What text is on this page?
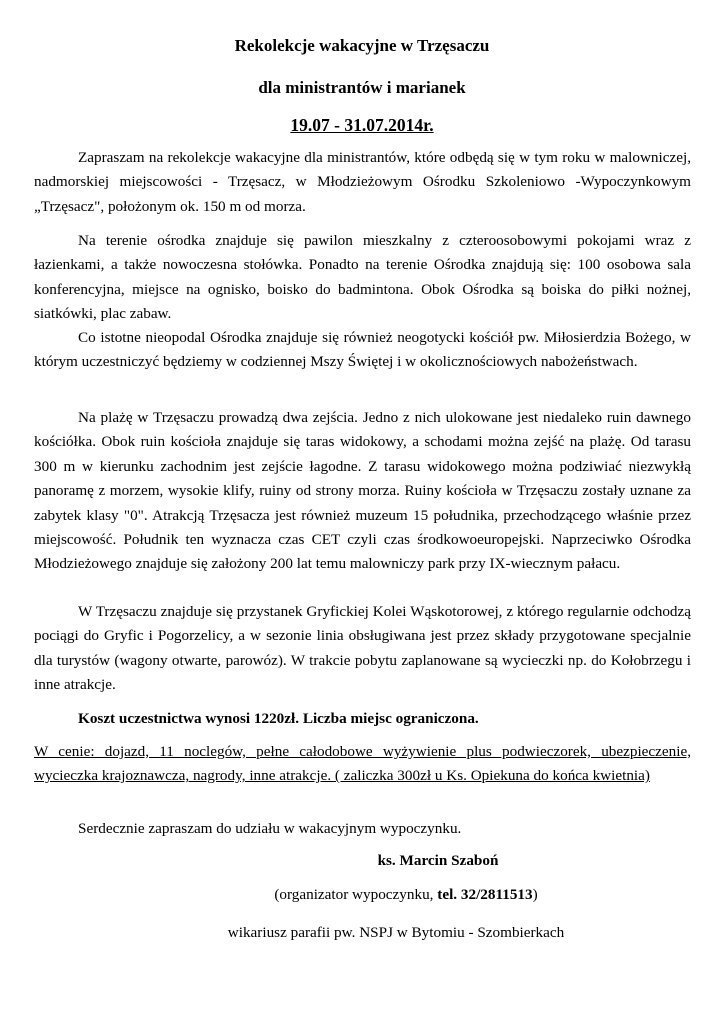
Rekolekcje wakacyjne w Trzęsaczu
dla ministrantów i marianek
19.07 - 31.07.2014r.

Zapraszam na rekolekcje wakacyjne dla ministrantów, które odbędą się w tym roku w malowniczej, nadmorskiej miejscowości - Trzęsacz, w Młodzieżowym Ośrodku Szkoleniowo -Wypoczynkowym „Trzęsacz", położonym ok. 150 m od morza.

Na terenie ośrodka znajduje się pawilon mieszkalny z czteroosobowymi pokojami wraz z łazienkami, a także nowoczesna stołówka. Ponadto na terenie Ośrodka znajdują się: 100 osobowa sala konferencyjna, miejsce na ognisko, boisko do badmintona. Obok Ośrodka są boiska do piłki nożnej, siatkówki, plac zabaw.

Co istotne nieopodal Ośrodka znajduje się również neogotycki kościół pw. Miłosierdzia Bożego, w którym uczestniczyć będziemy w codziennej Mszy Świętej i w okolicznościowych nabożeństwach.

Na plażę w Trzęsaczu prowadzą dwa zejścia. Jedno z nich ulokowane jest niedaleko ruin dawnego kościółka. Obok ruin kościoła znajduje się taras widokowy, a schodami można zejść na plażę. Od tarasu 300 m w kierunku zachodnim jest zejście łagodne. Z tarasu widokowego można podziwiać niezwykłą panoramę z morzem, wysokie klify, ruiny od strony morza. Ruiny kościoła w Trzęsaczu zostały uznane za zabytek klasy "0". Atrakcją Trzęsacza jest również muzeum 15 południka, przechodzącego właśnie przez miejscowość. Południk ten wyznacza czas CET czyli czas środkowoeuropejski. Naprzeciwko Ośrodka Młodzieżowego znajduje się założony 200 lat temu malowniczy park przy IX-wiecznym pałacu.

W Trzęsaczu znajduje się przystanek Gryfickiej Kolei Wąskotorowej, z którego regularnie odchodzą pociągi do Gryfic i Pogorzelicy, a w sezonie linia obsługiwana jest przez składy przygotowane specjalnie dla turystów (wagony otwarte, parowóz). W trakcie pobytu zaplanowane są wycieczki np. do Kołobrzegu i inne atrakcje.

Koszt uczestnictwa wynosi 1220zł. Liczba miejsc ograniczona.

W cenie: dojazd, 11 noclegów, pełne całodobowe wyżywienie plus podwieczorek, ubezpieczenie, wycieczka krajoznawcza, nagrody, inne atrakcje. ( zaliczka 300zł u Ks. Opiekuna do końca kwietnia)

Serdecznie zapraszam do udziału w wakacyjnym wypoczynku.

ks. Marcin Szaboń

(organizator wypoczynku, tel. 32/2811513)

wikariusz parafii pw. NSPJ w Bytomiu - Szombierkach
